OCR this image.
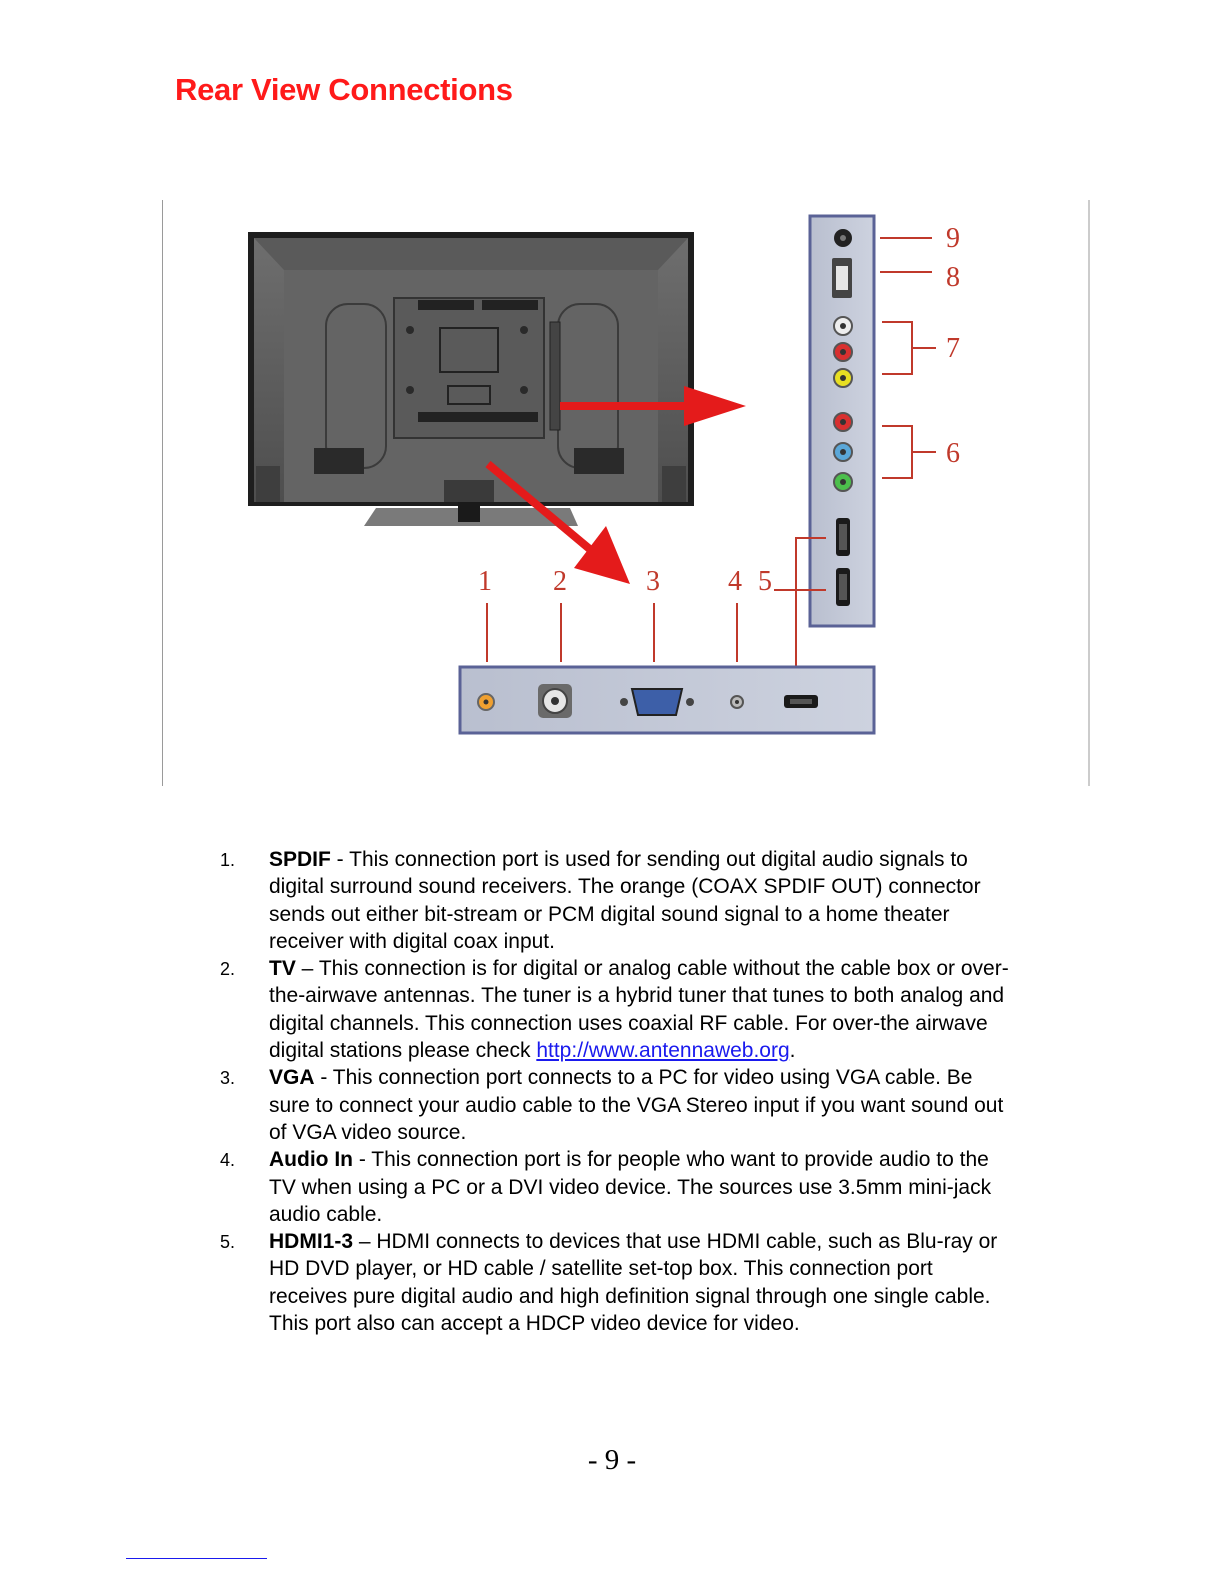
Rear View Connections
1 2	3 4 5
6
7
8
9
1. SPDIF - This connection port is used for sending out digital audio signals to digital surround sound receivers. The orange (COAX SPDIF OUT) connector sends out either bit-stream or PCM digital sound signal to a home theater receiver with digital coax input.
2. TV – This connection is for digital or analog cable without the cable box or over-the-airwave antennas. The tuner is a hybrid tuner that tunes to both analog and digital channels. This connection uses coaxial RF cable. For over-the airwave digital stations please check http://www.antennaweb.org.
3. VGA - This connection port connects to a PC for video using VGA cable. Be sure to connect your audio cable to the VGA Stereo input if you want sound out of VGA video source.
4. Audio In - This connection port is for people who want to provide audio to the TV when using a PC or a DVI video device. The sources use 3.5mm mini-jack audio cable.
5. HDMI1-3 – HDMI connects to devices that use HDMI cable, such as Blu-ray or HD DVD player, or HD cable / satellite set-top box. This connection port receives pure digital audio and high definition signal through one single cable. This port also can accept a HDCP video device for video.
- 9 -
